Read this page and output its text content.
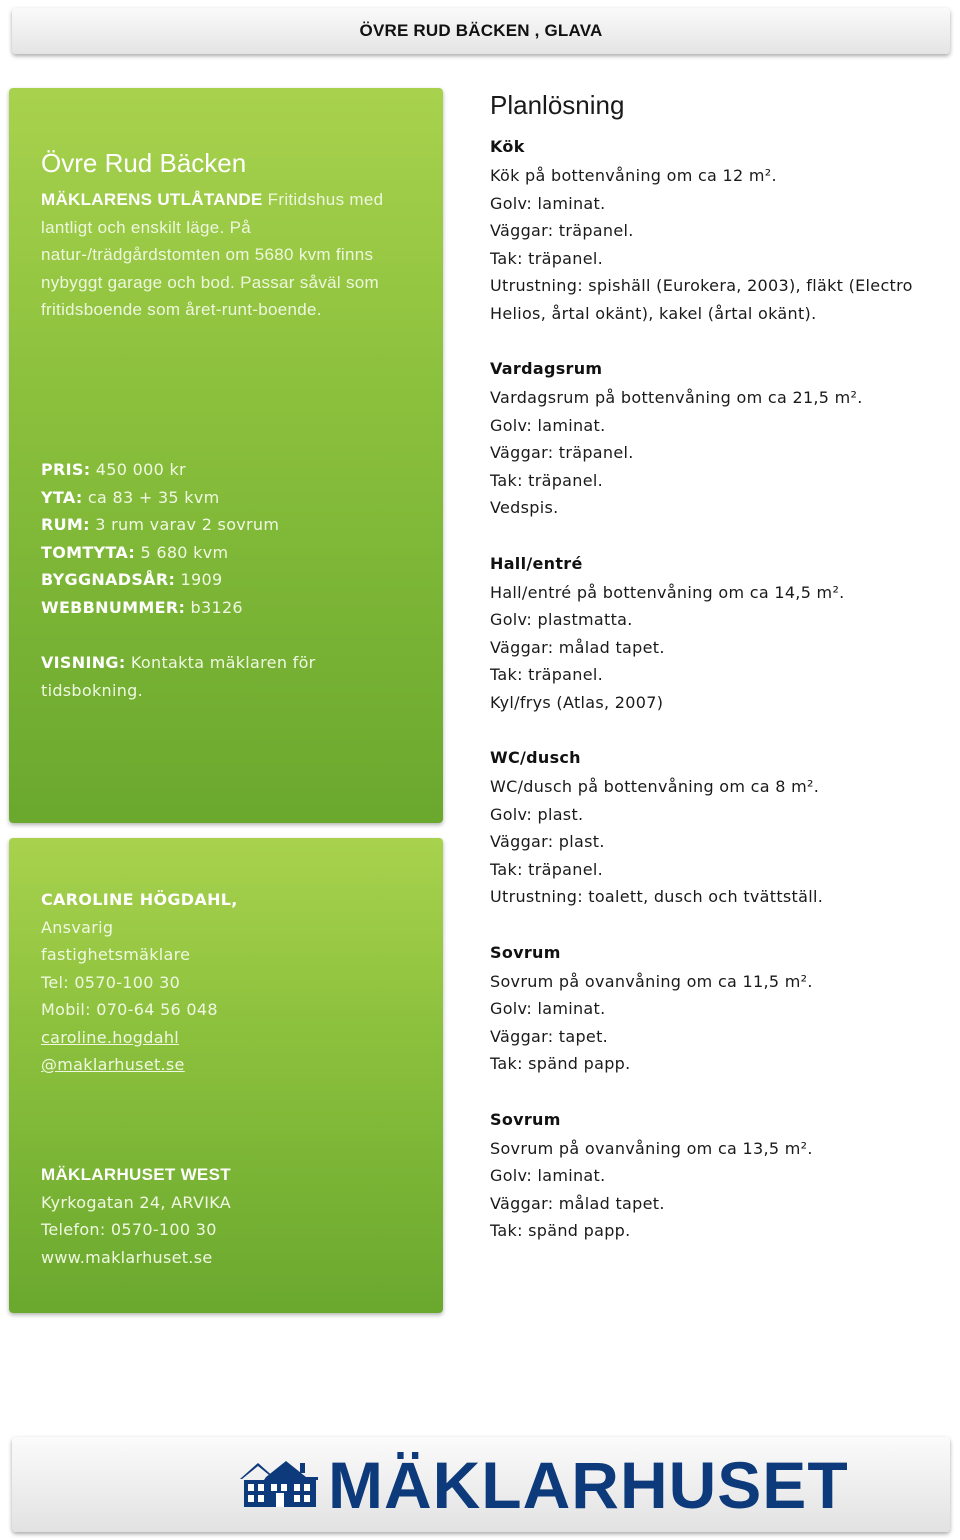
ÖVRE RUD BÄCKEN , GLAVA
Övre Rud Bäcken
MÄKLARENS UTLÅTANDE Fritidshus med lantligt och enskilt läge. På natur-/trädgårdstomten om 5680 kvm finns nybyggt garage och bod. Passar såväl som fritidsboende som året-runt-boende.
PRIS: 450 000 kr
YTA: ca 83 + 35 kvm
RUM: 3 rum varav 2 sovrum
TOMTYTA: 5 680 kvm
BYGGNADSÅR: 1909
WEBBNUMMER: b3126
VISNING: Kontakta mäklaren för tidsbokning.
CAROLINE HÖGDAHL,
Ansvarig fastighetsmäklare
Tel: 0570-100 30
Mobil: 070-64 56 048
caroline.hogdahl
@maklarhuset.se
MÄKLARHUSET WEST
Kyrkogatan 24, ARVIKA
Telefon: 0570-100 30
www.maklarhuset.se
Planlösning
Kök
Kök på bottenvåning om ca 12 m².
Golv: laminat.
Väggar: träpanel.
Tak: träpanel.
Utrustning: spishäll (Eurokera, 2003), fläkt (Electro Helios, årtal okänt), kakel (årtal okänt).
Vardagsrum
Vardagsrum på bottenvåning om ca 21,5 m².
Golv: laminat.
Väggar: träpanel.
Tak: träpanel.
Vedspis.
Hall/entré
Hall/entré på bottenvåning om ca 14,5 m².
Golv: plastmatta.
Väggar: målad tapet.
Tak: träpanel.
Kyl/frys (Atlas, 2007)
WC/dusch
WC/dusch på bottenvåning om ca 8 m².
Golv: plast.
Väggar: plast.
Tak: träpanel.
Utrustning: toalett, dusch och tvättställ.
Sovrum
Sovrum på ovanvåning om ca 11,5 m².
Golv: laminat.
Väggar: tapet.
Tak: spänd papp.
Sovrum
Sovrum på ovanvåning om ca 13,5 m².
Golv: laminat.
Väggar: målad tapet.
Tak: spänd papp.
MÄKLARHUSET
